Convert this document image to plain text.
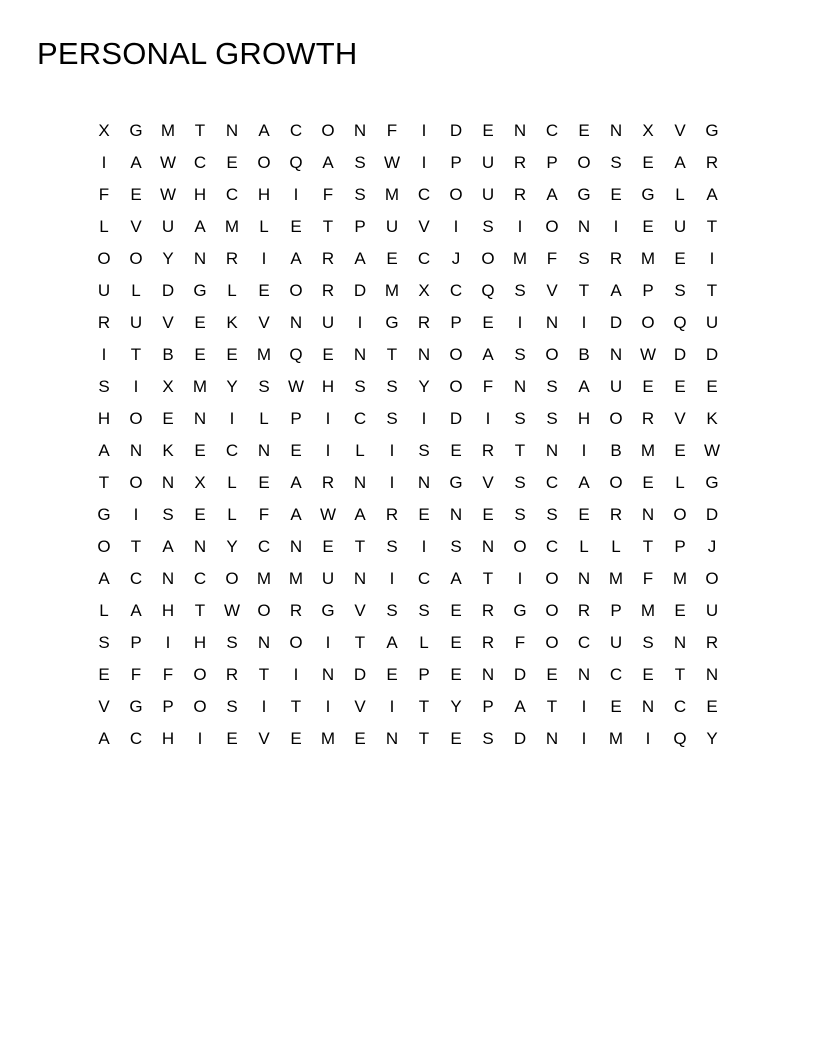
PERSONAL GROWTH
X	G	M	T	N	A	C	O	N	F	I	D	E	N	C	E	N	X	V	G
I	A	W	C	E	O	Q	A	S	W	I	P	U	R	P	O	S	E	A	R
F	E	W	H	C	H	I	F	S	M	C	O	U	R	A	G	E	G	L	A
L	V	U	A	M	L	E	T	P	U	V	I	S	I	O	N	I	E	U	T
O	O	Y	N	R	I	A	R	A	E	C	J	O	M	F	S	R	M	E	I
U	L	D	G	L	E	O	R	D	M	X	C	Q	S	V	T	A	P	S	T
R	U	V	E	K	V	N	U	I	G	R	P	E	I	N	I	D	O	Q	U
I	T	B	E	E	M	Q	E	N	T	N	O	A	S	O	B	N	W	D	D
S	I	X	M	Y	S	W	H	S	S	Y	O	F	N	S	A	U	E	E	E
H	O	E	N	I	L	P	I	C	S	I	D	I	S	S	H	O	R	V	K
A	N	K	E	C	N	E	I	L	I	S	E	R	T	N	I	B	M	E	W
T	O	N	X	L	E	A	R	N	I	N	G	V	S	C	A	O	E	L	G
G	I	S	E	L	F	A	W	A	R	E	N	E	S	S	E	R	N	O	D
O	T	A	N	Y	C	N	E	T	S	I	S	N	O	C	L	L	T	P	J
A	C	N	C	O	M	M	U	N	I	C	A	T	I	O	N	M	F	M	O
L	A	H	T	W	O	R	G	V	S	S	E	R	G	O	R	P	M	E	U
S	P	I	H	S	N	O	I	T	A	L	E	R	F	O	C	U	S	N	R
E	F	F	O	R	T	I	N	D	E	P	E	N	D	E	N	C	E	T	N
V	G	P	O	S	I	T	I	V	I	T	Y	P	A	T	I	E	N	C	E
A	C	H	I	E	V	E	M	E	N	T	E	S	D	N	I	M	I	Q	Y
